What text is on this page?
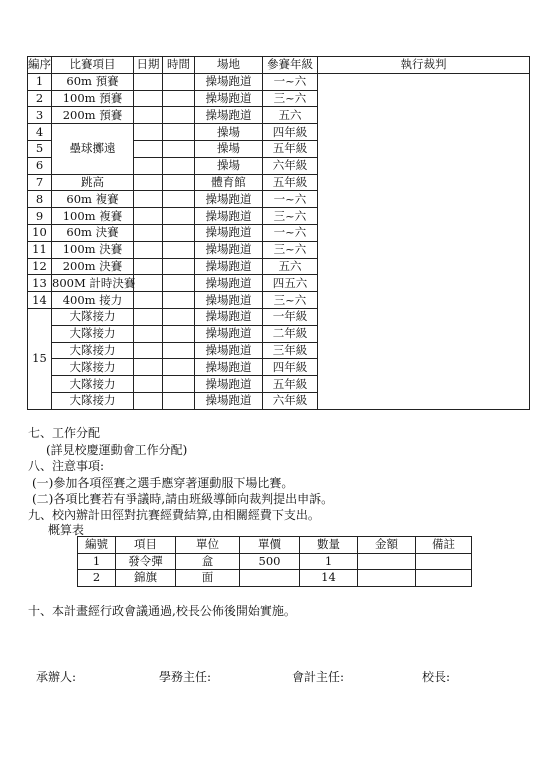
編序	比賽項目	日期	時間	場地	參賽年級	執行裁判
1	60m 預賽			操場跑道	一~六	
2	100m 預賽			操場跑道	三~六	
3	200m 預賽			操場跑道	五六	
4	壘球擲遠			操場	四年級	
5				操場	五年級	
6				操場	六年級	
7	跳高			體育館	五年級	
8	60m 複賽			操場跑道	一~六	
9	100m 複賽			操場跑道	三~六	
10	60m 決賽			操場跑道	一~六	
11	100m 決賽			操場跑道	三~六	
12	200m 決賽			操場跑道	五六	
13	800M 計時決賽			操場跑道	四五六	
14	400m 接力			操場跑道	三~六	
15	大隊接力			操場跑道	一年級	
	大隊接力			操場跑道	二年級	
	大隊接力			操場跑道	三年級	
	大隊接力			操場跑道	四年級	
	大隊接力			操場跑道	五年級	
	大隊接力			操場跑道	六年級	
七、工作分配
(詳見校慶運動會工作分配)
八、注意事項:
(一)參加各項徑賽之選手應穿著運動服下場比賽。
(二)各項比賽若有爭議時,請由班級導師向裁判提出申訴。
九、校內辦計田徑對抗賽經費結算,由相關經費下支出。
概算表
編號	項目	單位	單價	數量	金額	備註
1	發令彈	盒	500	1		
2	錦旗	面		14		
十、本計畫經行政會議通過,校長公佈後開始實施。
承辦人:	學務主任:	會計主任:	校長:
